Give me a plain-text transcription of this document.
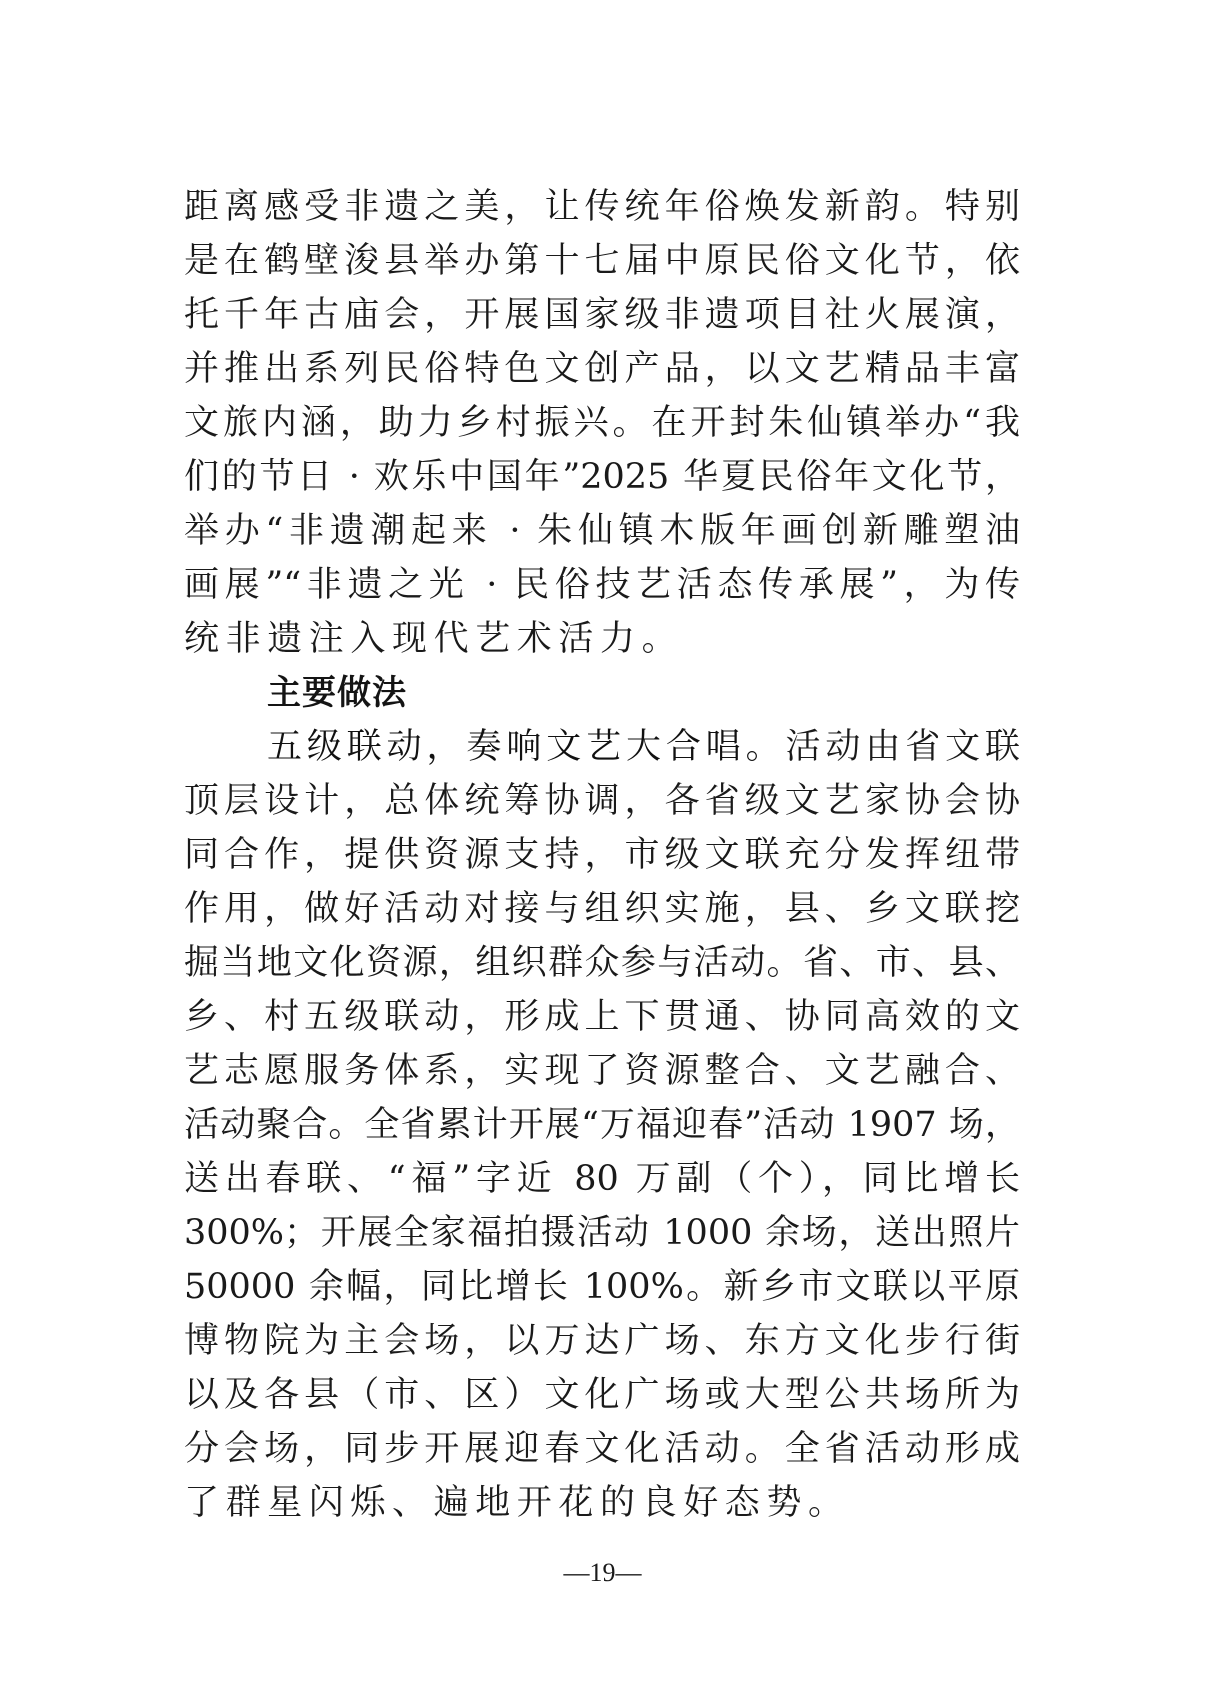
距离感受非遗之美，让传统年俗焕发新韵。特别
是在鹤壁浚县举办第十七届中原民俗文化节，依
托千年古庙会，开展国家级非遗项目社火展演，
并推出系列民俗特色文创产品，以文艺精品丰富
文旅内涵，助力乡村振兴。在开封朱仙镇举办“我
们的节日 · 欢乐中国年”2025 华夏民俗年文化节，
举办“非遗潮起来 · 朱仙镇木版年画创新雕塑油
画展”“非遗之光 · 民俗技艺活态传承展”，为传
统非遗注入现代艺术活力。
主要做法
五级联动，奏响文艺大合唱。活动由省文联
顶层设计，总体统筹协调，各省级文艺家协会协
同合作，提供资源支持，市级文联充分发挥纽带
作用，做好活动对接与组织实施，县、乡文联挖
掘当地文化资源，组织群众参与活动。省、市、县、
乡、村五级联动，形成上下贯通、协同高效的文
艺志愿服务体系，实现了资源整合、文艺融合、
活动聚合。全省累计开展“万福迎春”活动 1907 场，
送出春联、“福”字近 80 万副（个），同比增长
300%；开展全家福拍摄活动 1000 余场，送出照片
50000 余幅，同比增长 100%。新乡市文联以平原
博物院为主会场，以万达广场、东方文化步行街
以及各县（市、区）文化广场或大型公共场所为
分会场，同步开展迎春文化活动。全省活动形成
了群星闪烁、遍地开花的良好态势。
—19—
